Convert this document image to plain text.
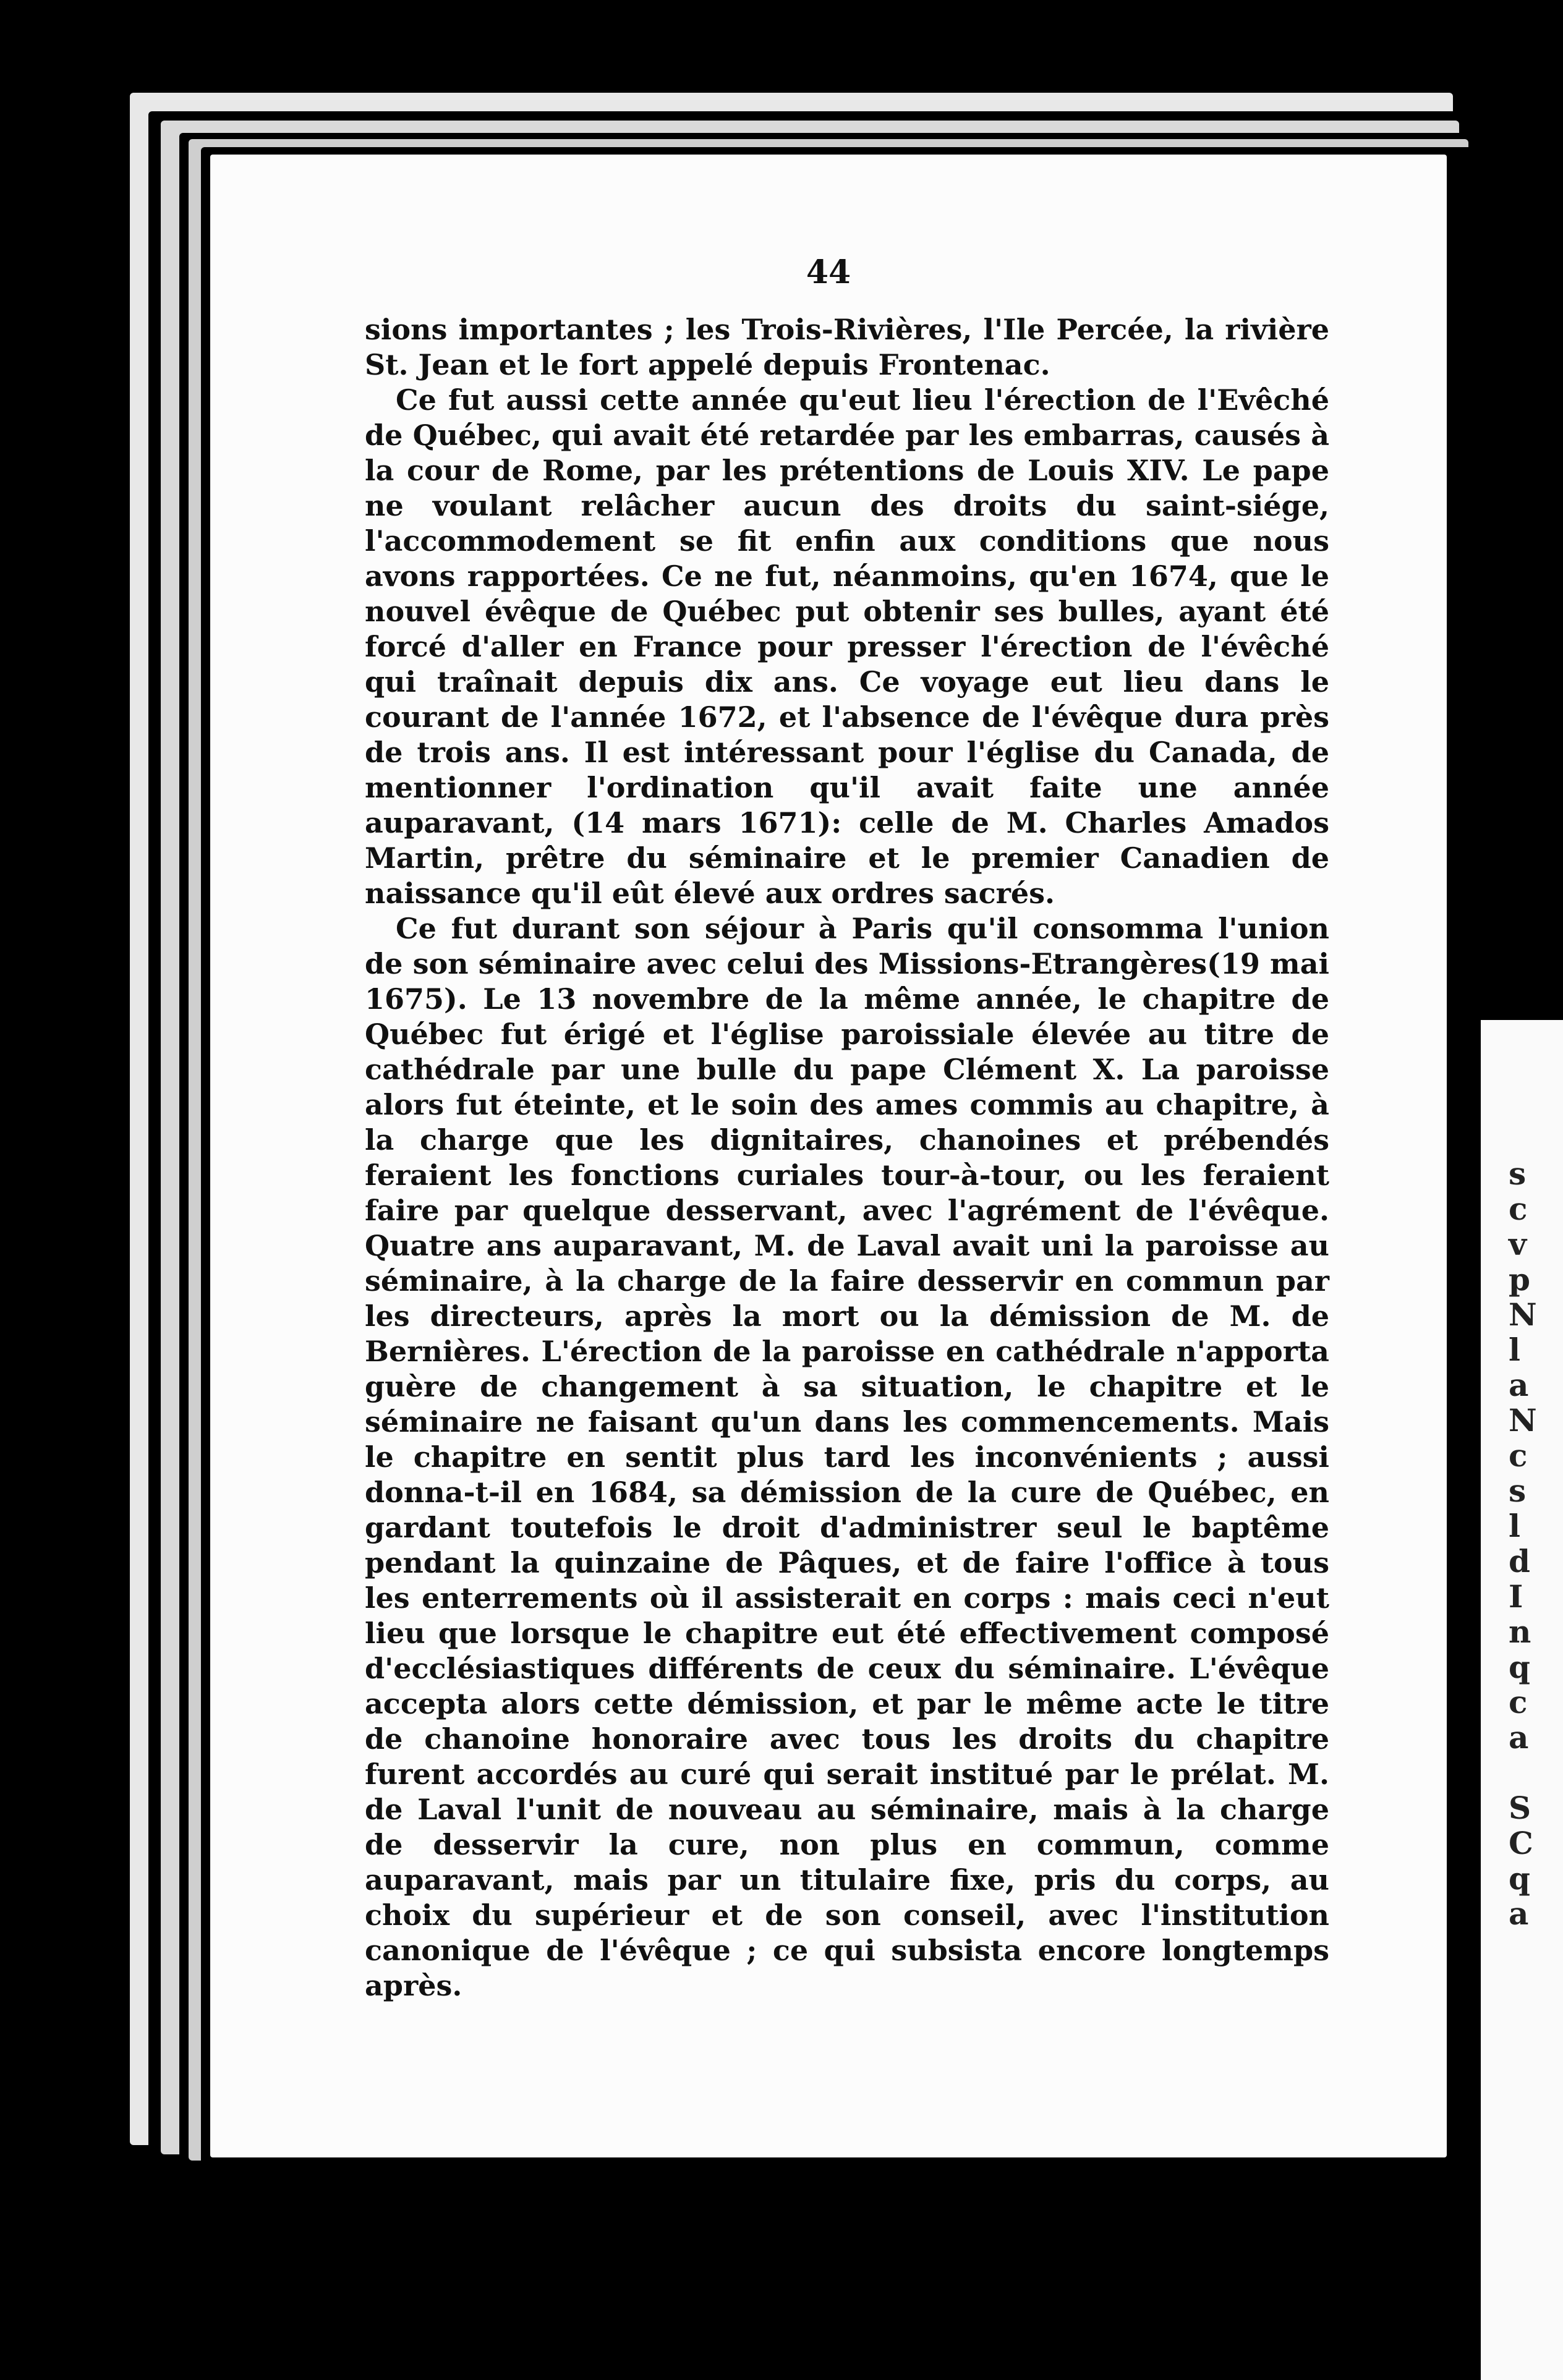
s
c
v
p
N
l
a
N
c
s
l
d
I
n
q
c
a

S
C
q
a
44

sions importantes ; les Trois-Rivières, l'Ile Percée, la rivière St. Jean et le fort appelé depuis Frontenac.

Ce fut aussi cette année qu'eut lieu l'érection de l'Evêché de Québec, qui avait été retardée par les embarras, causés à la cour de Rome, par les prétentions de Louis XIV. Le pape ne voulant relâcher aucun des droits du saint-siége, l'accommodement se fit enfin aux conditions que nous avons rapportées. Ce ne fut, néanmoins, qu'en 1674, que le nouvel évêque de Québec put obtenir ses bulles, ayant été forcé d'aller en France pour presser l'érection de l'évêché qui traînait depuis dix ans. Ce voyage eut lieu dans le courant de l'année 1672, et l'absence de l'évêque dura près de trois ans. Il est intéressant pour l'église du Canada, de mentionner l'ordination qu'il avait faite une année auparavant, (14 mars 1671): celle de M. Charles Amados Martin, prêtre du séminaire et le premier Canadien de naissance qu'il eût élevé aux ordres sacrés.

Ce fut durant son séjour à Paris qu'il consomma l'union de son séminaire avec celui des Missions-Etrangères(19 mai 1675). Le 13 novembre de la même année, le chapitre de Québec fut érigé et l'église paroissiale élevée au titre de cathédrale par une bulle du pape Clément X. La paroisse alors fut éteinte, et le soin des ames commis au chapitre, à la charge que les dignitaires, chanoines et prébendés feraient les fonctions curiales tour-à-tour, ou les feraient faire par quelque desservant, avec l'agrément de l'évêque. Quatre ans auparavant, M. de Laval avait uni la paroisse au séminaire, à la charge de la faire desservir en commun par les directeurs, après la mort ou la démission de M. de Bernières. L'érection de la paroisse en cathédrale n'apporta guère de changement à sa situation, le chapitre et le séminaire ne faisant qu'un dans les commencements. Mais le chapitre en sentit plus tard les inconvénients ; aussi donna-t-il en 1684, sa démission de la cure de Québec, en gardant toutefois le droit d'administrer seul le baptême pendant la quinzaine de Pâques, et de faire l'office à tous les enterrements où il assisterait en corps : mais ceci n'eut lieu que lorsque le chapitre eut été effectivement composé d'ecclésiastiques différents de ceux du séminaire. L'évêque accepta alors cette démission, et par le même acte le titre de chanoine honoraire avec tous les droits du chapitre furent accordés au curé qui serait institué par le prélat. M. de Laval l'unit de nouveau au séminaire, mais à la charge de desservir la cure, non plus en commun, comme auparavant, mais par un titulaire fixe, pris du corps, au choix du supérieur et de son conseil, avec l'institution canonique de l'évêque ; ce qui subsista encore longtemps après.
